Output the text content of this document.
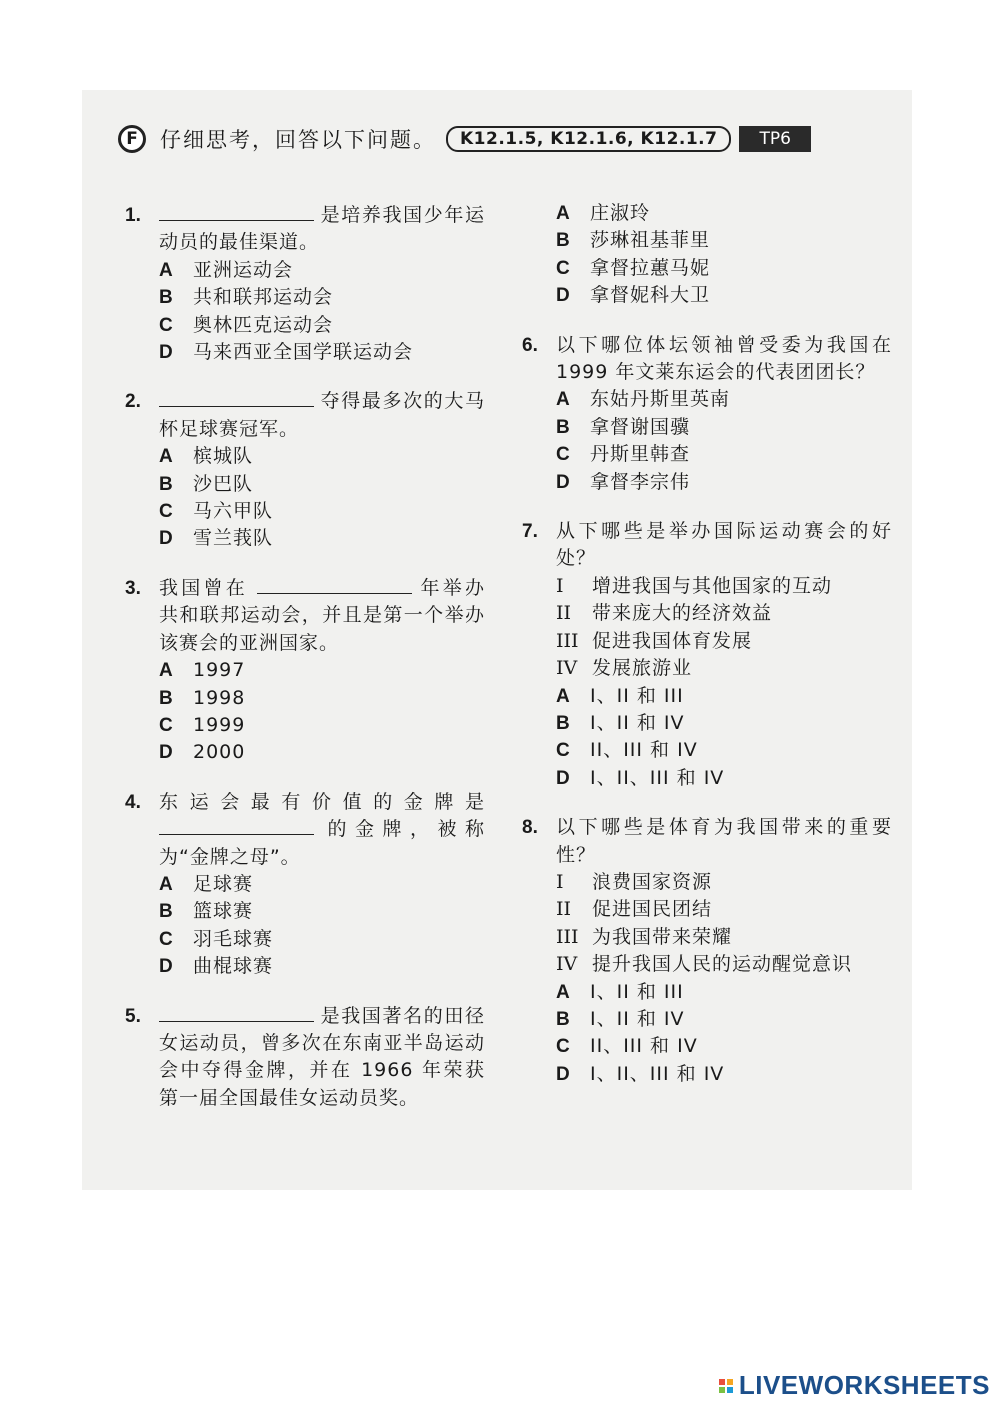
F	仔细思考，回答以下问题。	K12.1.5, K12.1.6, K12.1.7	TP6
1.	是培养我国少年运动员的最佳渠道。
A	亚洲运动会
B	共和联邦运动会
C	奥林匹克运动会
D	马来西亚全国学联运动会
2.	夺得最多次的大马杯足球赛冠军。
A	槟城队
B	沙巴队
C	马六甲队
D	雪兰莪队
3. 我国曾在	年举办共和联邦运动会，并且是第一个举办该赛会的亚洲国家。
A	1997
B	1998
C	1999
D	2000
4. 东运会最有价值的金牌是 的金牌，被称为“金牌之母”。
A	足球赛
B	篮球赛
C	羽毛球赛
D	曲棍球赛
5.	是我国著名的田径女运动员，曾多次在东南亚半岛运动会中夺得金牌，并在 1966 年荣获第一届全国最佳女运动员奖。
A	庄淑玲
B	莎琳祖基菲里
C	拿督拉蕙马妮
D	拿督妮科大卫
6. 以下哪位体坛领袖曾受委为我国在 1999 年文莱东运会的代表团团长？
A	东姑丹斯里英南
B	拿督谢国骥
C	丹斯里韩查
D	拿督李宗伟
7. 从下哪些是举办国际运动赛会的好处？
I	增进我国与其他国家的互动
II	带来庞大的经济效益
III 促进我国体育发展
IV 发展旅游业
A	I、II 和 III
B	I、II 和 IV
C	II、III 和 IV
D	I、II、III 和 IV
8. 以下哪些是体育为我国带来的重要性？
I	浪费国家资源
II	促进国民团结
III 为我国带来荣耀
IV 提升我国人民的运动醒觉意识
A	I、II 和 III
B	I、II 和 IV
C	II、III 和 IV
D	I、II、III 和 IV
LIVEWORKSHEETS
